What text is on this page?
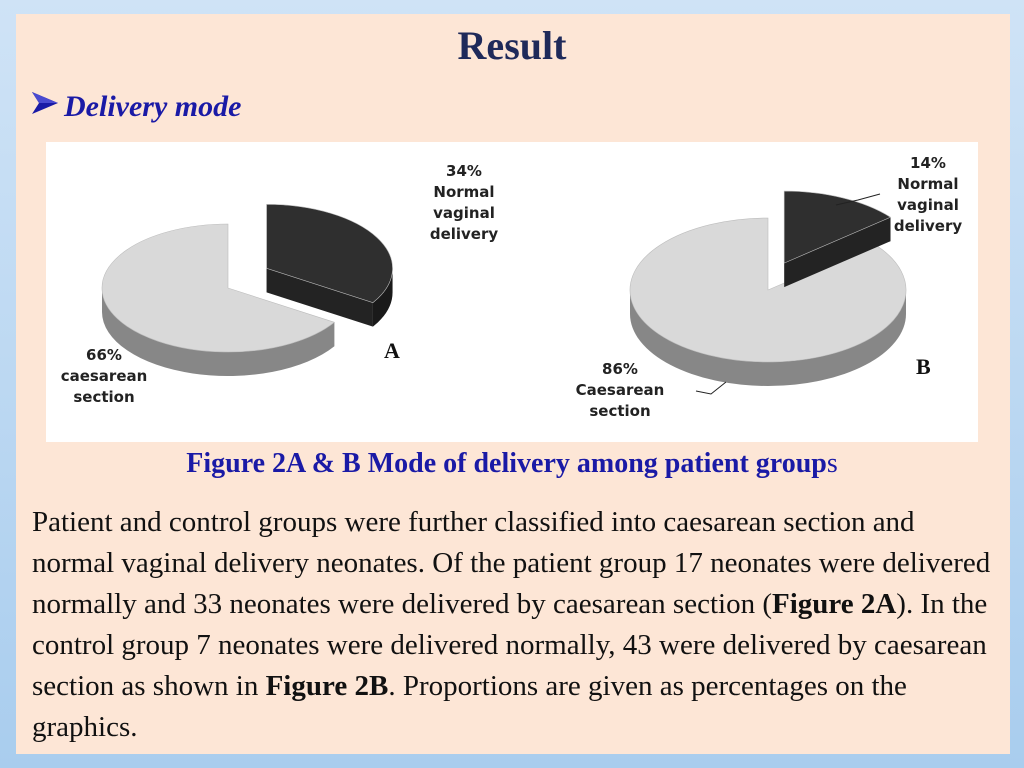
Result
Delivery mode
34% Normal vaginal delivery
66% caesarean section
A
14% Normal vaginal delivery
86% Caesarean section
B
Figure 2A & B Mode of delivery among patient groups
Patient and control groups were further classified into caesarean section and normal vaginal delivery neonates. Of the patient group 17 neonates were delivered normally and 33 neonates were delivered by caesarean section (Figure 2A). In the control group 7 neonates were delivered normally, 43 were delivered by caesarean section as shown in Figure 2B. Proportions are given as percentages on the graphics.
